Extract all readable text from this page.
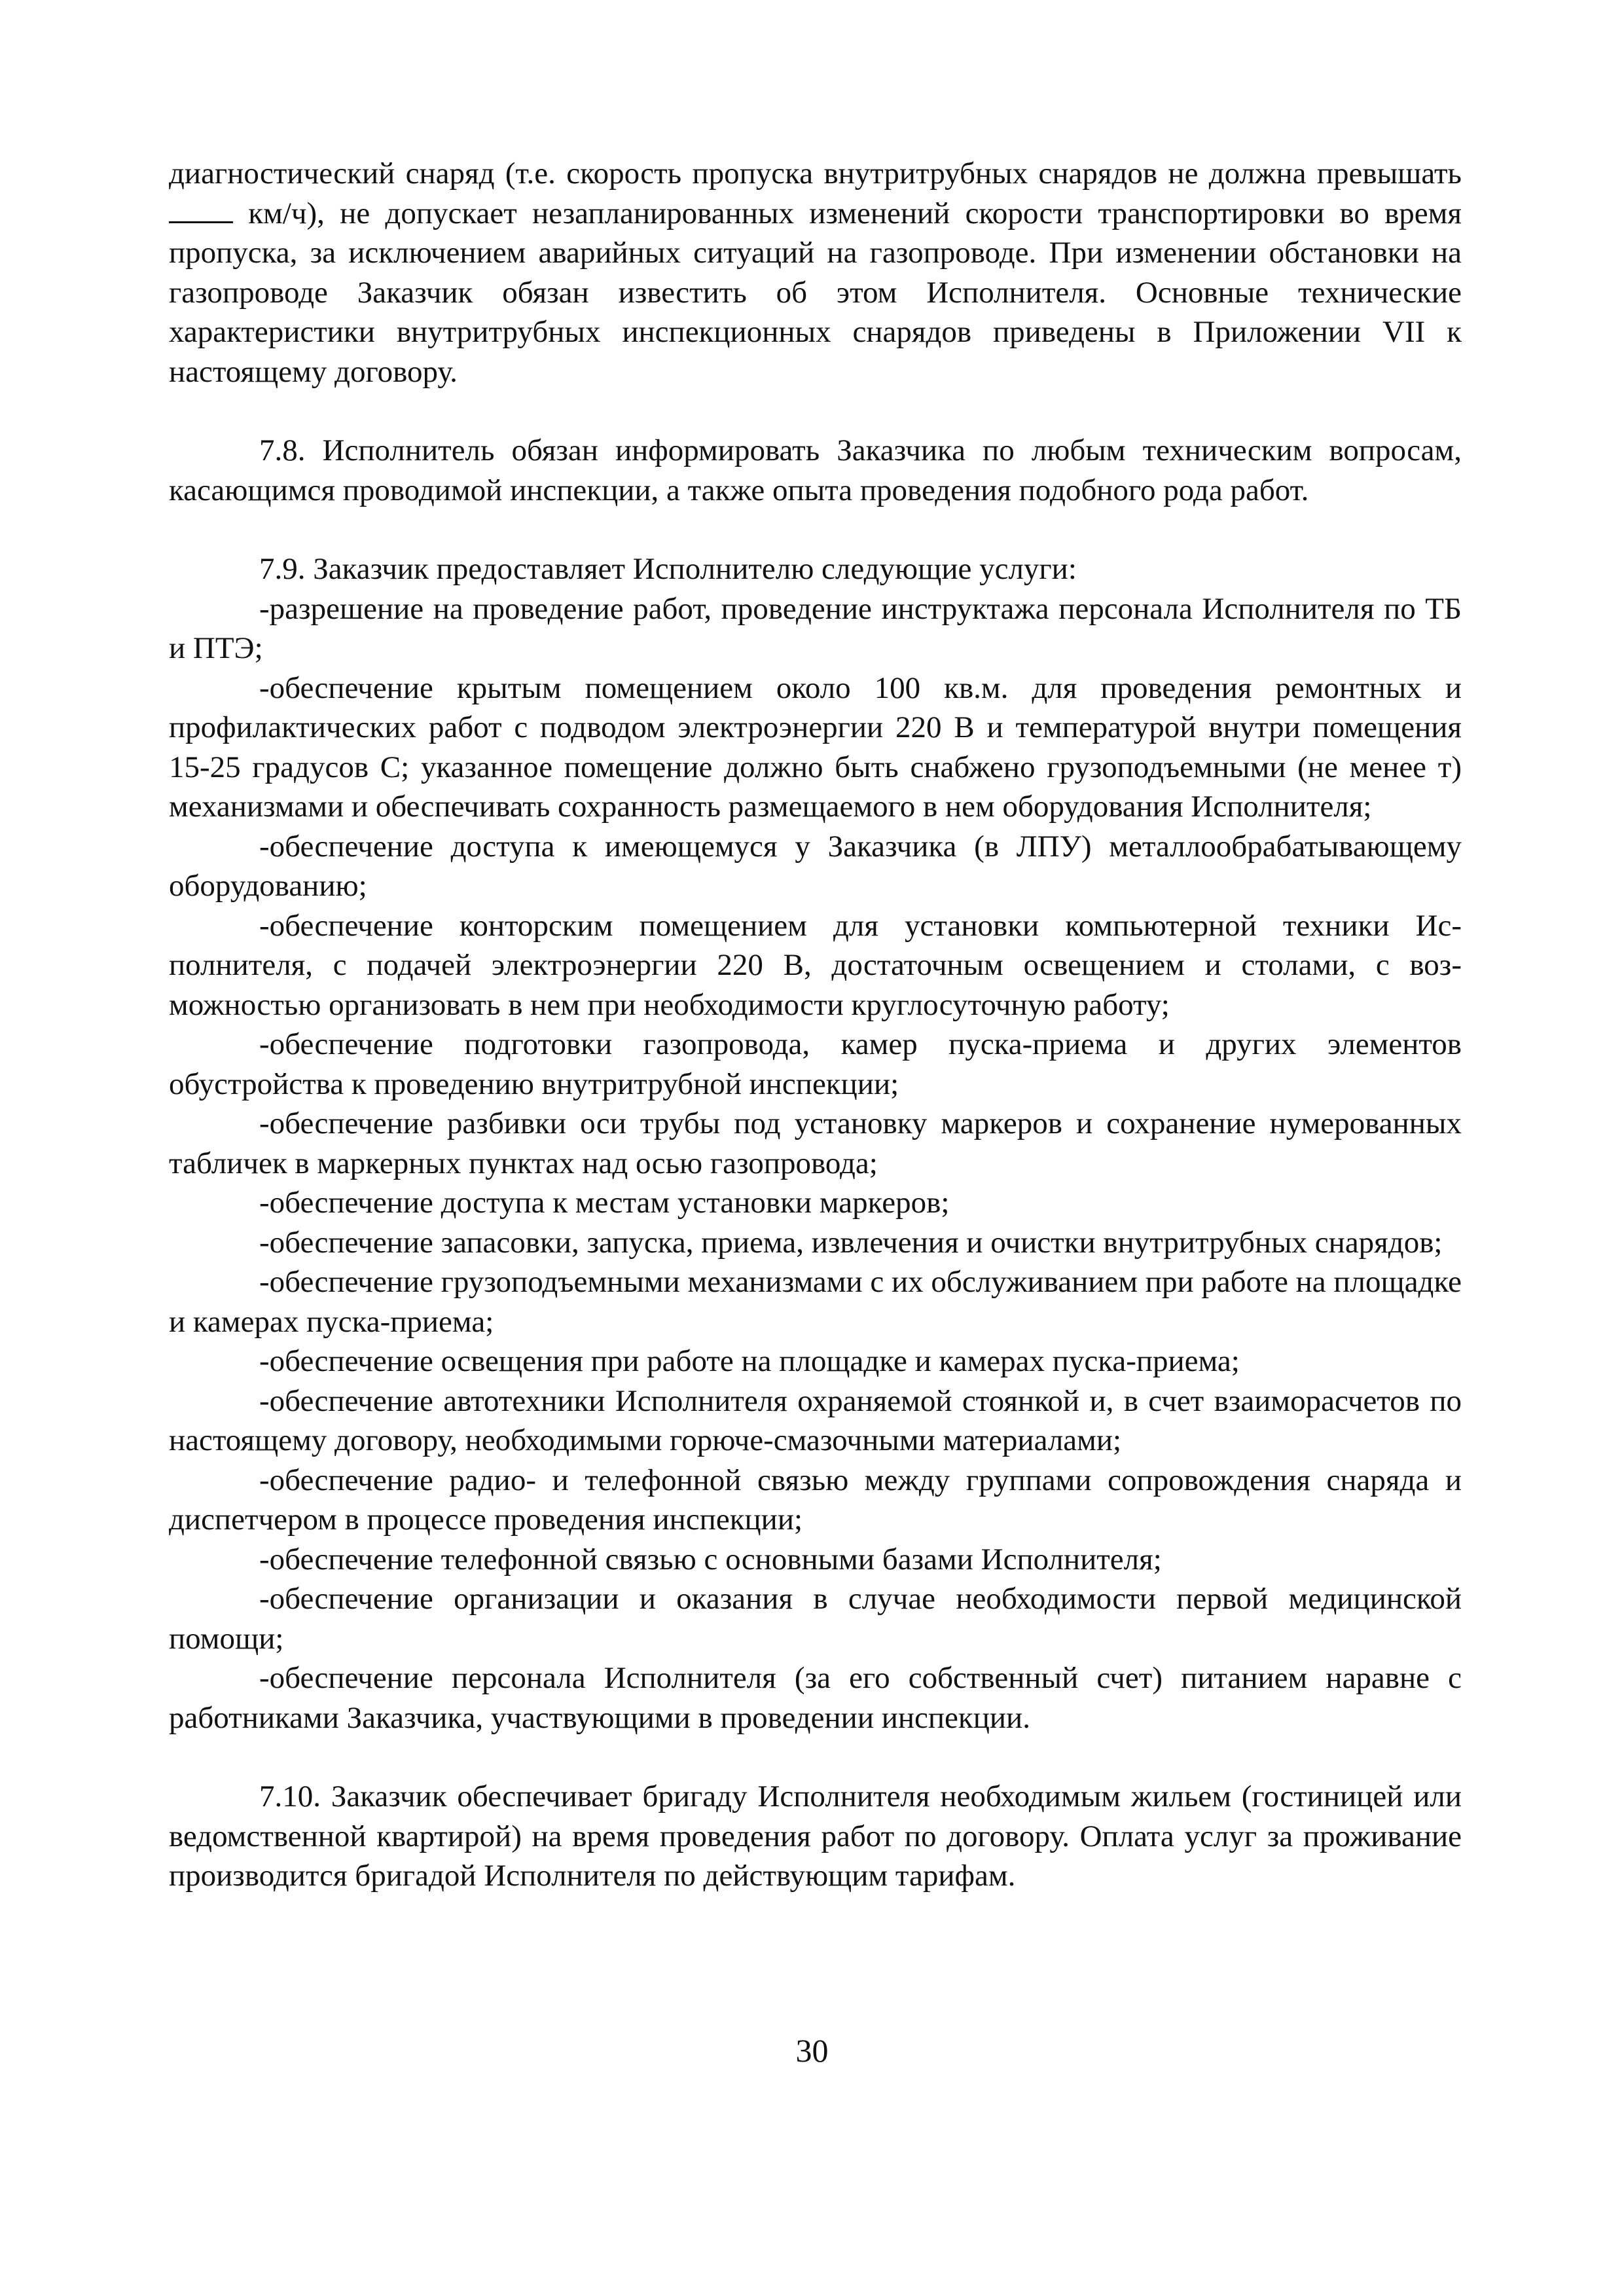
диагностический снаряд (т.е. скорость пропуска внутритрубных снарядов не должна превышать  км/ч), не допускает незапланированных изменений скорости транспортировки во время пропуска, за исключением аварийных ситуаций на газопроводе. При изменении обстановки на газопроводе Заказчик обязан известить об этом Исполнителя. Основные технические характеристики внутритрубных инспекционных снарядов приведены в Приложении VII к настоящему договору.

7.8. Исполнитель обязан информировать Заказчика по любым техническим вопросам, касающимся проводимой инспекции, а также опыта проведения подобного рода работ.

7.9. Заказчик предоставляет Исполнителю следующие услуги:

-разрешение на проведение работ, проведение инструктажа персонала Исполнителя по ТБ и ПТЭ;

-обеспечение крытым помещением около 100 кв.м. для проведения ремонтных и профилактических работ с подводом электроэнергии 220 В и температурой внутри помещения 15-25 градусов С; указанное помещение должно быть снабжено грузоподъемными (не менее т) механизмами и обеспечивать сохранность размещаемого в нем оборудования Исполнителя;

-обеспечение доступа к имеющемуся у Заказчика (в ЛПУ) металлообрабатывающему оборудованию;

-обеспечение конторским помещением для установки компьютерной техники Исполнителя, с подачей электроэнергии 220 В, достаточным освещением и столами, с возможностью организовать в нем при необходимости круглосуточную работу;

-обеспечение подготовки газопровода, камер пуска-приема и других элементов обустройства к проведению внутритрубной инспекции;

-обеспечение разбивки оси трубы под установку маркеров и сохранение нумерованных табличек в маркерных пунктах над осью газопровода;

-обеспечение доступа к местам установки маркеров;

-обеспечение запасовки, запуска, приема, извлечения и очистки внутритрубных снарядов;

-обеспечение грузоподъемными механизмами с их обслуживанием при работе на площадке и камерах пуска-приема;

-обеспечение освещения при работе на площадке и камерах пуска-приема;

-обеспечение автотехники Исполнителя охраняемой стоянкой и, в счет взаиморасчетов по настоящему договору, необходимыми горюче-смазочными материалами;

-обеспечение радио- и телефонной связью между группами сопровождения снаряда и диспетчером в процессе проведения инспекции;

-обеспечение телефонной связью с основными базами Исполнителя;

-обеспечение организации и оказания в случае необходимости первой медицинской помощи;

-обеспечение персонала Исполнителя (за его собственный счет) питанием наравне с работниками Заказчика, участвующими в проведении инспекции.

7.10. Заказчик обеспечивает бригаду Исполнителя необходимым жильем (гостиницей или ведомственной квартирой) на время проведения работ по договору. Оплата услуг за проживание производится бригадой Исполнителя по действующим тарифам.

30
